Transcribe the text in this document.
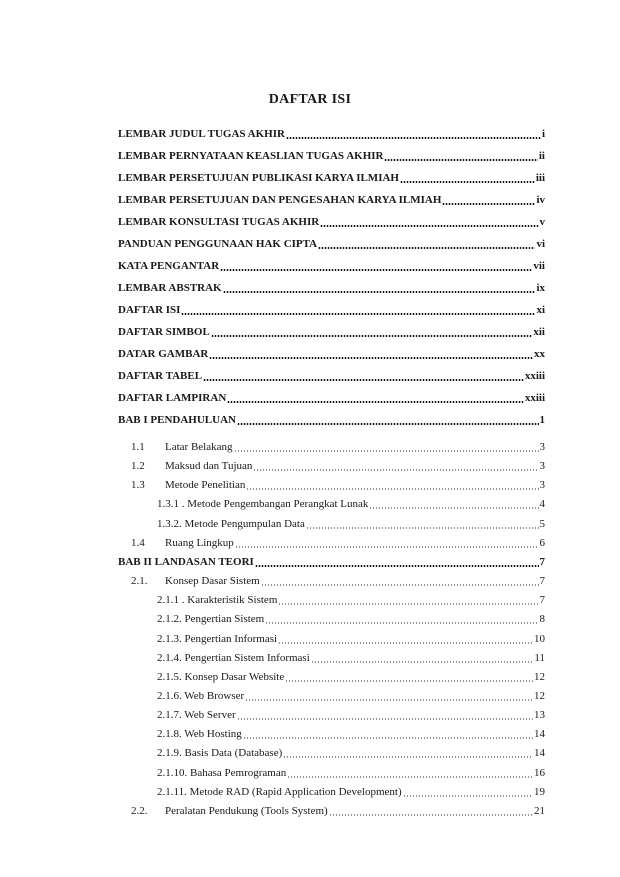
DAFTAR ISI
LEMBAR JUDUL TUGAS AKHIR	i
LEMBAR PERNYATAAN KEASLIAN TUGAS AKHIR	ii
LEMBAR PERSETUJUAN PUBLIKASI KARYA ILMIAH	iii
LEMBAR PERSETUJUAN DAN PENGESAHAN KARYA ILMIAH	iv
LEMBAR KONSULTASI TUGAS AKHIR	v
PANDUAN PENGGUNAAN HAK CIPTA	vi
KATA PENGANTAR	vii
LEMBAR ABSTRAK	ix
DAFTAR ISI	xi
DAFTAR SIMBOL	xii
DATAR GAMBAR	xx
DAFTAR TABEL	xxiii
DAFTAR LAMPIRAN	xxiii
BAB I PENDAHULUAN	1
1.1	Latar Belakang	3
1.2	Maksud dan Tujuan	3
1.3	Metode Penelitian	3
1.3.1 . Metode Pengembangan Perangkat Lunak	4
1.3.2. Metode Pengumpulan Data	5
1.4	Ruang Lingkup	6
BAB II LANDASAN TEORI	7
2.1.	Konsep Dasar Sistem	7
2.1.1 . Karakteristik Sistem	7
2.1.2. Pengertian Sistem	8
2.1.3. Pengertian Informasi	10
2.1.4. Pengertian Sistem Informasi	11
2.1.5. Konsep Dasar Website	12
2.1.6. Web Browser	12
2.1.7. Web Server	13
2.1.8. Web Hosting	14
2.1.9. Basis Data (Database)	14
2.1.10. Bahasa Pemrograman	16
2.1.11. Metode RAD (Rapid Application Development)	19
2.2.	Peralatan Pendukung (Tools System)	21
